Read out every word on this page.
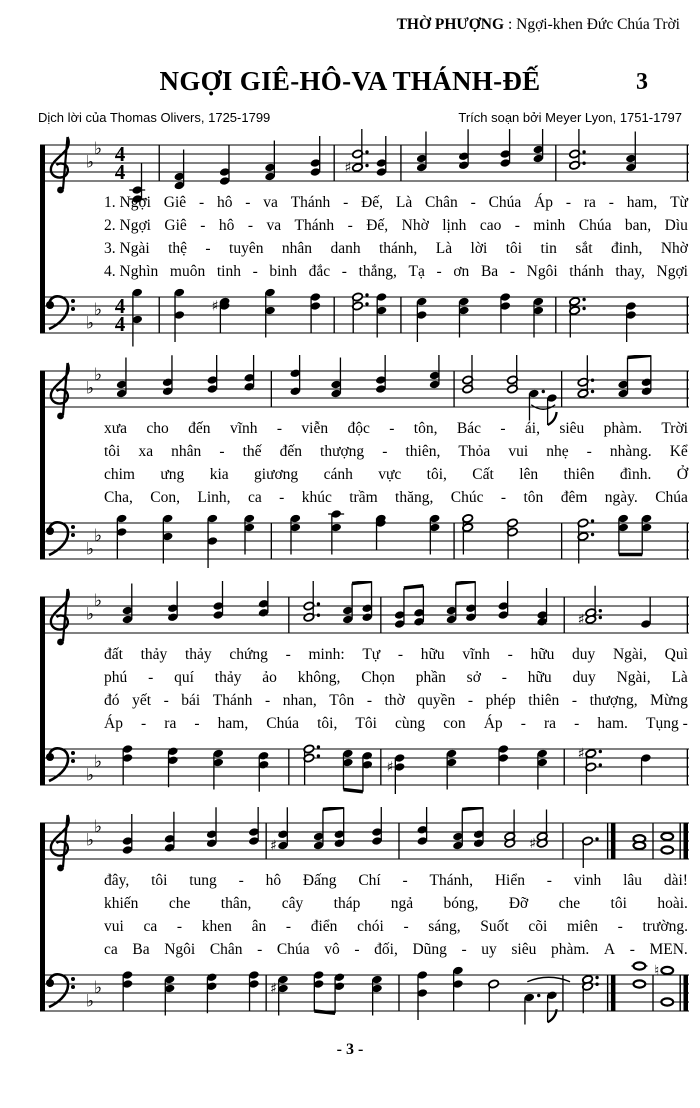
THỜ PHƯỢNG : Ngợi-khen Đức Chúa Trời
NGỢI GIÊ-HÔ-VA THÁNH-ĐẾ	3
Dịch lời của Thomas Olivers, 1725-1799	Trích soạn bởi Meyer Lyon, 1751-1797
♭
♭ 4
4	♯
1. Ngợi Giê - hô - va Thánh - Đế, Là Chân - Chúa Áp - ra - ham, Từ
2. Ngợi Giê - hô - va Thánh - Đế, Nhờ lịnh cao - minh Chúa ban, Dìu
3. Ngài thệ - tuyên nhân danh thánh, Là lời tôi tin sắt đinh, Nhờ
4. Nghìn muôn tinh - binh đắc - thắng, Tạ - ơn Ba - Ngôi thánh thay, Ngợi
♭
♭ 4
4
♯
♭
♭
xưa cho đến vĩnh - viễn độc - tôn, Bác - ái, siêu phàm. Trời
tôi xa nhân - thế đến thượng - thiên, Thỏa vui nhẹ - nhàng. Kể
chim ưng kia giương cánh vực tôi, Cất lên thiên đình. Ở
Cha, Con, Linh, ca - khúc trầm thăng, Chúc - tôn đêm ngày. Chúa
♭
♭
♭
♭
♯
đất thảy thảy chứng - minh: Tự - hữu vĩnh - hữu duy Ngài, Quì
phú - quí thảy ảo không, Chọn phần sở - hữu duy Ngài, Là
đó yết - bái Thánh - nhan, Tôn - thờ quyền - phép thiên - thượng, Mừng
Áp - ra - ham, Chúa tôi, Tôi cùng con Áp - ra - ham. Tụng -
♭
♭	♯
♯
♭
♭
♯	♯
đây, tôi tung - hô Đấng Chí - Thánh, Hiển - vinh lâu dài!
khiến che thân, cây tháp ngả bóng, Đỡ che tôi hoài.
vui ca - khen ân - điển chói - sáng, Suốt cõi miên - trường.
ca Ba Ngôi Chân - Chúa vô - đối, Dũng - uy siêu phàm. A - MEN.
♭
♭	♯
♮
- 3 -
